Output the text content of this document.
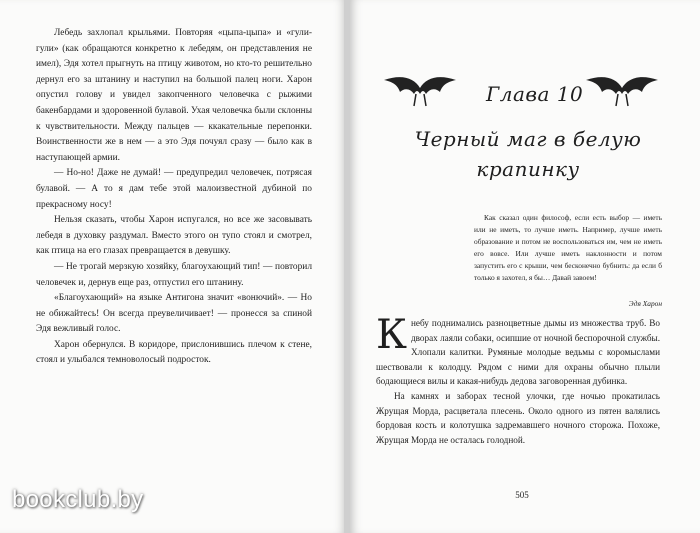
Лебедь захлопал крыльями. Повторяя «цыпа-цыпа» и «гули-гули» (как обращаются конкретно к лебедям, он представления не имел), Эдя хотел прыгнуть на птицу животом, но кто-то решительно дернул его за штанину и наступил на большой палец ноги. Харон опустил голову и увидел закопченного человечка с рыжими бакенбардами и здоровенной булавой. Ухая человечка были склонны к чувствительности. Между пальцев — ккакательные перепонки. Воинственности же в нем — а это Эдя почуял сразу — было как в наступающей армии.

— Но-но! Даже не думай! — предупредил человечек, потрясая булавой. — А то я дам тебе этой малоизвестной дубиной по прекрасному носу!

Нельзя сказать, чтобы Харон испугался, но все же засовывать лебедя в духовку раздумал. Вместо этого он тупо стоял и смотрел, как птица на его глазах превращается в девушку.

— Не трогай мерзкую хозяйку, благоухающий тип! — повторил человечек и, дернув еще раз, отпустил его штанину.

«Благоухающий» на языке Антигона значит «вонючий». — Но не обижайтесь! Он всегда преувеличивает! — пронесся за спиной Эдя вежливый голос.

Харон обернулся. В коридоре, прислонившись плечом к стене, стоял и улыбался темноволосый подросток.

Глава 10
Черный маг в белую
крапинку

Как сказал один философ, если есть выбор — иметь или не иметь, то лучше иметь. Например, лучше иметь образование и потом не воспользоваться им, чем не иметь его вовсе. Или лучше иметь наклонности и потом запустить его с крыши, чем бесконечно бубнить: да если б только я захотел, я бы… Давай завоем!

Эдя Харон

Кнебу поднимались разноцветные дымы из множества труб. Во дворах лаяли собаки, осипшие от ночной беспорочной службы. Хлопали калитки. Румяные молодые ведьмы с коромыслами шествовали к колодцу. Рядом с ними для охраны обычно плыли бодающиеся вилы и какая-нибудь дедова заговоренная дубинка.

На камнях и заборах тесной улочки, где ночью прокатилась Жрущая Морда, расцветала плесень. Около одного из пятен валялись бордовая кость и колотушка задремавшего ночного сторожа. Похоже, Жрущая Морда не осталась голодной.

505
bookclub.by
